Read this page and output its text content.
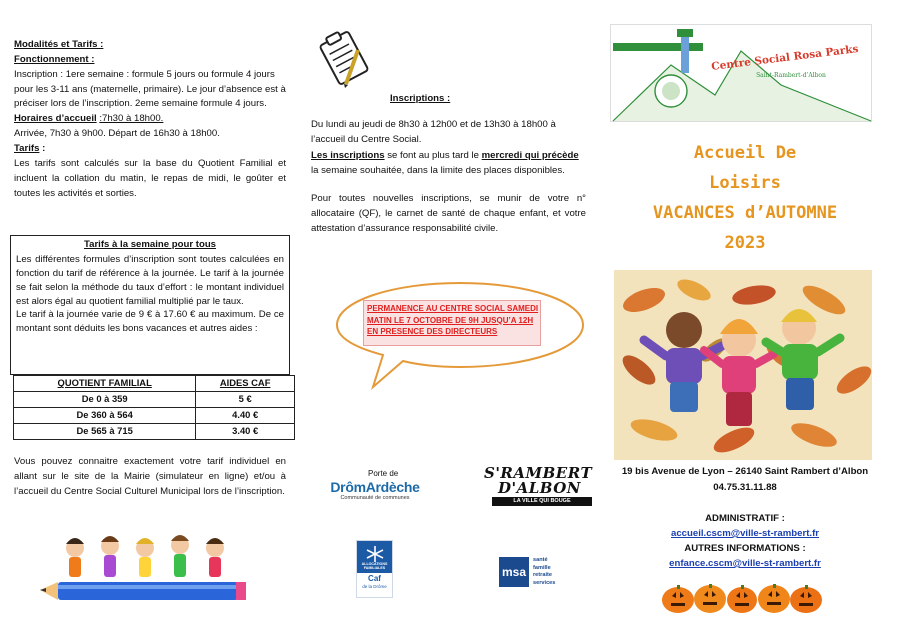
Modalités et Tarifs :
Fonctionnement :
Inscription : 1ere semaine : formule 5 jours ou formule 4 jours pour les 3-11 ans (maternelle, primaire). Le jour d’absence est à préciser lors de l’inscription. 2eme semaine formule 4 jours.
Horaires d’accueil :7h30 à 18h00.
Arrivée, 7h30 à 9h00. Départ de 16h30 à 18h00.
Tarifs :
Les tarifs sont calculés sur la base du Quotient Familial et incluent la collation du matin, le repas de midi, le goûter et toutes les activités et sorties.
Tarifs à la semaine pour tous
Les différentes formules d’inscription sont toutes calculées en fonction du tarif de référence à la journée. Le tarif à la journée se fait selon la méthode du taux d’effort : le montant individuel est alors égal au quotient familial multiplié par le taux.
Le tarif à la journée varie de 9 € à 17.60 € au maximum. De ce montant sont déduits les bons vacances et autres aides :
QUOTIENT FAMILIAL	AIDES CAF
De 0 à 359	5 €
De 360 à 564	4.40 €
De 565 à 715	3.40 €
Vous pouvez connaitre exactement votre tarif individuel en allant sur le site de la Mairie (simulateur en ligne) et/ou à l’accueil du Centre Social Culturel Municipal lors de l’inscription.
Inscriptions :
Du lundi au jeudi de 8h30 à 12h00 et de 13h30 à 18h00 à l’accueil du Centre Social.
Les inscriptions se font au plus tard le mercredi qui précède la semaine souhaitée, dans la limite des places disponibles.
Pour toutes nouvelles inscriptions, se munir de votre n° allocataire (QF), le carnet de santé de chaque enfant, et votre attestation d’assurance responsabilité civile.
PERMANENCE AU CENTRE SOCIAL SAMEDI MATIN LE 7 OCTOBRE DE 9H JUSQU’A 12H EN PRESENCE DES DIRECTEURS
Porte de
DrômArdèche
Communauté de communes
S'RAMBERT
D'ALBON
LA VILLE QUI BOUGE
ALLOCATIONS FAMILIALES
Caf
de la Drôme
msa
santé
famille
retraite
services
Centre Social Rosa Parks
Saint-Rambert-d’Albon
Accueil De
Loisirs
VACANCES d’AUTOMNE
2023
19 bis Avenue de Lyon – 26140 Saint Rambert d’Albon
04.75.31.11.88
ADMINISTRATIF :
accueil.cscm@ville-st-rambert.fr
AUTRES INFORMATIONS :
enfance.cscm@ville-st-rambert.fr
